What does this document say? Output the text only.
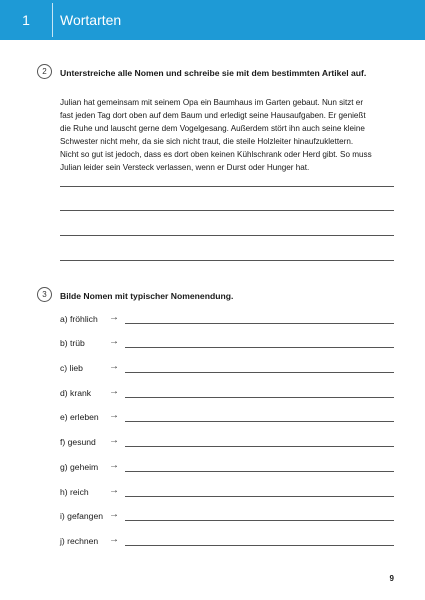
1	Wortarten
2	Unterstreiche alle Nomen und schreibe sie mit dem bestimmten Artikel auf.
Julian hat gemeinsam mit seinem Opa ein Baumhaus im Garten gebaut. Nun sitzt er
fast jeden Tag dort oben auf dem Baum und erledigt seine Hausaufgaben. Er genießt
die Ruhe und lauscht gerne dem Vogelgesang. Außerdem stört ihn auch seine kleine
Schwester nicht mehr, da sie sich nicht traut, die steile Holzleiter hinaufzuklettern.
Nicht so gut ist jedoch, dass es dort oben keinen Kühlschrank oder Herd gibt. So muss
Julian leider sein Versteck verlassen, wenn er Durst oder Hunger hat.
3	Bilde Nomen mit typischer Nomenendung.
a) fröhlich →
b) trüb →
c) lieb	→
d) krank →
e) erleben →
f) gesund →
g) geheim →
h) reich →
i) gefangen →
j) rechnen →
9
